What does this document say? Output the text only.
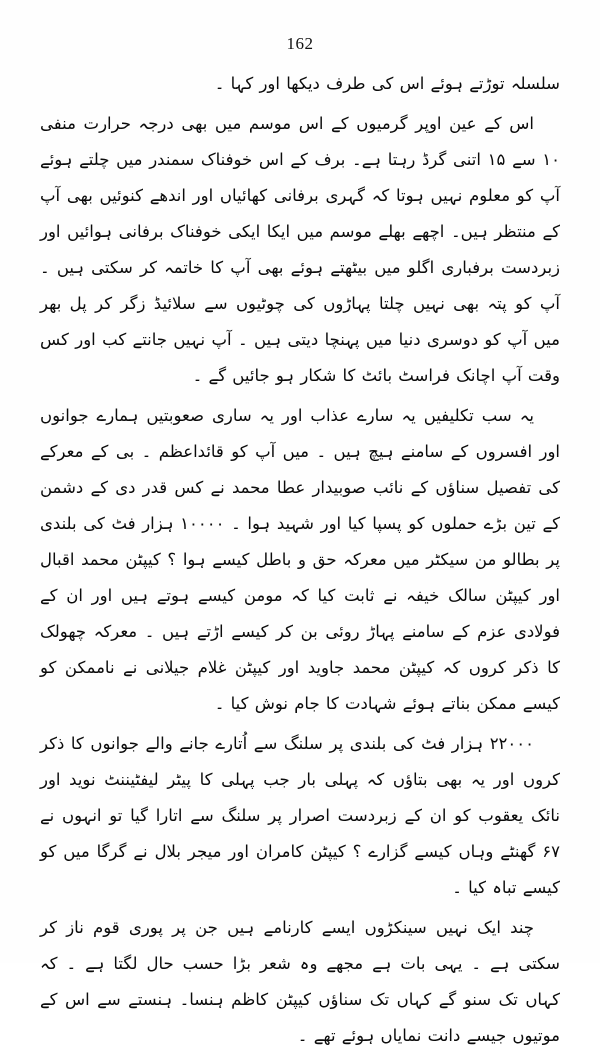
162

سلسلہ توڑتے ہوئے اس کی طرف دیکھا اور کہا ۔

اس کے عین اوپر گرمیوں کے اس موسم میں بھی درجہ حرارت منفی ۱۰ سے ۱۵ اتنی گرڈ رہتا ہے۔ برف کے اس خوفناک سمندر میں چلتے ہوئے آپ کو معلوم نہیں ہوتا کہ گہری برفانی کھائیاں اور اندھے کنوئیں بھی آپ کے منتظر ہیں۔ اچھے بھلے موسم میں ایکا ایکی خوفناک برفانی ہوائیں اور زبردست برفباری اگلو میں بیٹھتے ہوئے بھی آپ کا خاتمہ کر سکتی ہیں ۔ آپ کو پتہ بھی نہیں چلتا پہاڑوں کی چوٹیوں سے سلائیڈ زگر کر پل بھر میں آپ کو دوسری دنیا میں پہنچا دیتی ہیں ۔ آپ نہیں جانتے کب اور کس وقت آپ اچانک فراسٹ بائٹ کا شکار ہو جائیں گے ۔

یہ سب تکلیفیں یہ سارے عذاب اور یہ ساری صعوبتیں ہمارے جوانوں اور افسروں کے سامنے ہیچ ہیں ۔ میں آپ کو قائداعظم ۔ بی کے معرکے کی تفصیل سناؤں کے نائب صوبیدار عطا محمد نے کس قدر دی کے دشمن کے تین بڑے حملوں کو پسپا کیا اور شہید ہوا ۔ ۱۰۰۰۰ ہزار فٹ کی بلندی پر بطالو من سیکٹر میں معرکہ حق و باطل کیسے ہوا ؟ کیپٹن محمد اقبال اور کیپٹن سالک خیفہ نے ثابت کیا کہ مومن کیسے ہوتے ہیں اور ان کے فولادی عزم کے سامنے پہاڑ روئی بن کر کیسے اڑتے ہیں ۔ معرکہ چھولک کا ذکر کروں کہ کیپٹن محمد جاوید اور کیپٹن غلام جیلانی نے ناممکن کو کیسے ممکن بناتے ہوئے شہادت کا جام نوش کیا ۔

۲۲۰۰۰ ہزار فٹ کی بلندی پر سلنگ سے اُتارے جانے والے جوانوں کا ذکر کروں اور یہ بھی بتاؤں کہ پہلی بار جب پہلی کا پیٹر لیفٹیننٹ نوید اور نائک یعقوب کو ان کے زبردست اصرار پر سلنگ سے اتارا گیا تو انہوں نے ۶۷ گھنٹے وہاں کیسے گزارے ؟ کیپٹن کامران اور میجر بلال نے گرگا میں کو کیسے تباہ کیا ۔

چند ایک نہیں سینکڑوں ایسے کارنامے ہیں جن پر پوری قوم ناز کر سکتی ہے ۔ یہی بات ہے مجھے وہ شعر بڑا حسب حال لگتا ہے ۔ کہ کہاں تک سنو گے کہاں تک سناؤں کیپٹن کاظم ہنسا۔ ہنستے سے اس کے موتیوں جیسے دانت نمایاں ہوئے تھے ۔
